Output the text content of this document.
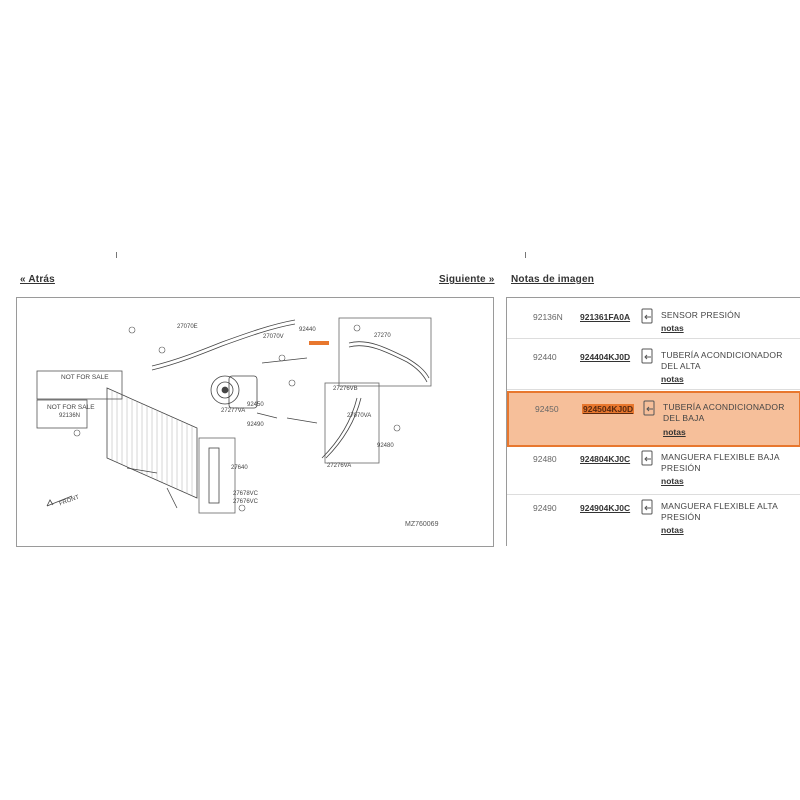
« Atrás	Siguiente » Notas de imagen
NOT FOR SALE
NOT FOR SALE
92440
27270
92480
27070E
27070V
92490
27276VB
27070VA
27276VA
92136N
92450
27277VA
27640
27678VC
27676VC
FRONT
MZ760069
92136N 921361FA0A	SENSOR PRESIÓN
notas
92440	924404KJ0D	TUBERÍA ACONDICIONADOR DEL ALTA
notas
92450	924504KJ0D	TUBERÍA ACONDICIONADOR DEL BAJA
notas
92480	924804KJ0C	MANGUERA FLEXIBLE BAJA PRESIÓN
notas
92490	924904KJ0C	MANGUERA FLEXIBLE ALTA PRESIÓN
notas
